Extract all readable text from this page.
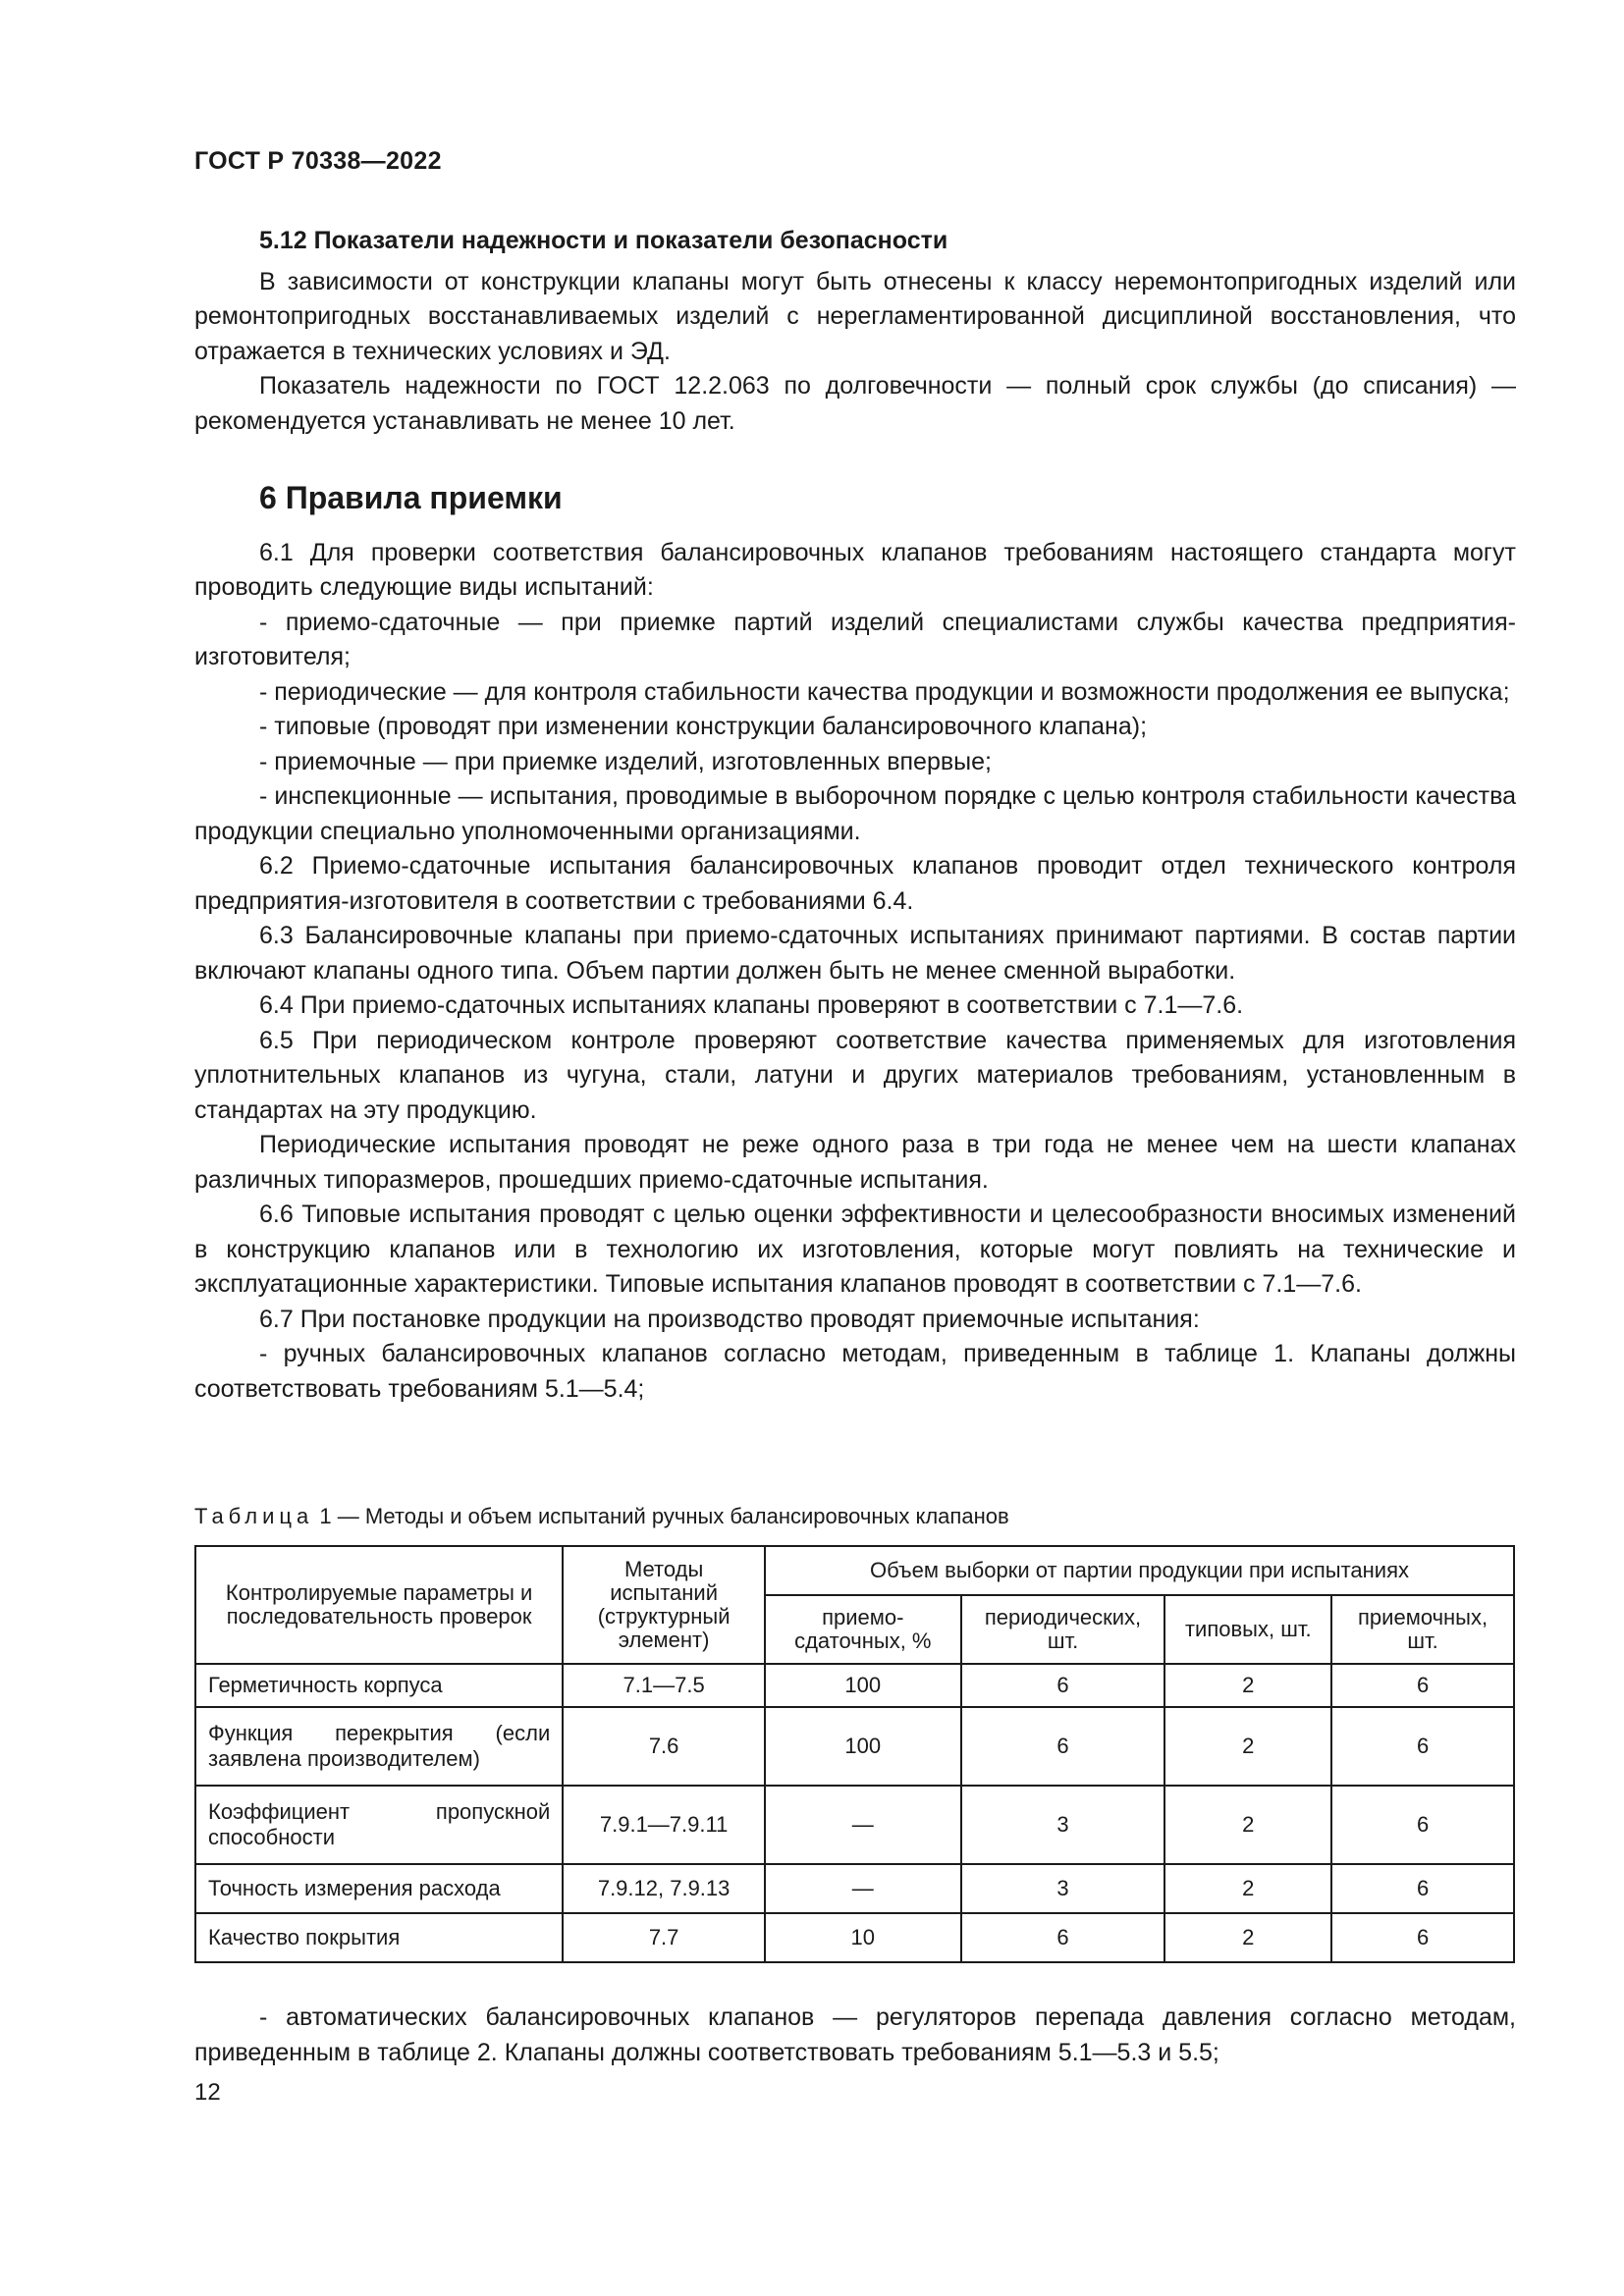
ГОСТ Р 70338—2022
5.12 Показатели надежности и показатели безопасности

В зависимости от конструкции клапаны могут быть отнесены к классу неремонтопригодных изделий или ремонтопригодных восстанавливаемых изделий с нерегламентированной дисциплиной восстановления, что отражается в технических условиях и ЭД.

Показатель надежности по ГОСТ 12.2.063 по долговечности — полный срок службы (до списания) — рекомендуется устанавливать не менее 10 лет.

6 Правила приемки

6.1 Для проверки соответствия балансировочных клапанов требованиям настоящего стандарта могут проводить следующие виды испытаний:

- приемо-сдаточные — при приемке партий изделий специалистами службы качества предприятия-изготовителя;

- периодические — для контроля стабильности качества продукции и возможности продолжения ее выпуска;

- типовые (проводят при изменении конструкции балансировочного клапана);

- приемочные — при приемке изделий, изготовленных впервые;

- инспекционные — испытания, проводимые в выборочном порядке с целью контроля стабильности качества продукции специально уполномоченными организациями.

6.2 Приемо-сдаточные испытания балансировочных клапанов проводит отдел технического контроля предприятия-изготовителя в соответствии с требованиями 6.4.

6.3 Балансировочные клапаны при приемо-сдаточных испытаниях принимают партиями. В состав партии включают клапаны одного типа. Объем партии должен быть не менее сменной выработки.

6.4 При приемо-сдаточных испытаниях клапаны проверяют в соответствии с 7.1—7.6.

6.5 При периодическом контроле проверяют соответствие качества применяемых для изготовления уплотнительных клапанов из чугуна, стали, латуни и других материалов требованиям, установленным в стандартах на эту продукцию.

Периодические испытания проводят не реже одного раза в три года не менее чем на шести клапанах различных типоразмеров, прошедших приемо-сдаточные испытания.

6.6 Типовые испытания проводят с целью оценки эффективности и целесообразности вносимых изменений в конструкцию клапанов или в технологию их изготовления, которые могут повлиять на технические и эксплуатационные характеристики. Типовые испытания клапанов проводят в соответствии с 7.1—7.6.

6.7 При постановке продукции на производство проводят приемочные испытания:

- ручных балансировочных клапанов согласно методам, приведенным в таблице 1. Клапаны должны соответствовать требованиям 5.1—5.4;

Таблица 1 — Методы и объем испытаний ручных балансировочных клапанов
Контролируемые параметры и последовательность проверок	Методы испытаний (структурный элемент)	Объем выборки от партии продукции при испытаниях			
		приемо-сдаточных, %	периодических, шт.	типовых, шт.	приемочных, шт.
Герметичность корпуса	7.1—7.5	100	6	2	6
Функция перекрытия (если заявлена производителем)	7.6	100	6	2	6
Коэффициент пропускной способности	7.9.1—7.9.11	—	3	2	6
Точность измерения расхода	7.9.12, 7.9.13	—	3	2	6
Качество покрытия	7.7	10	6	2	6

- автоматических балансировочных клапанов — регуляторов перепада давления согласно методам, приведенным в таблице 2. Клапаны должны соответствовать требованиям 5.1—5.3 и 5.5;

12
